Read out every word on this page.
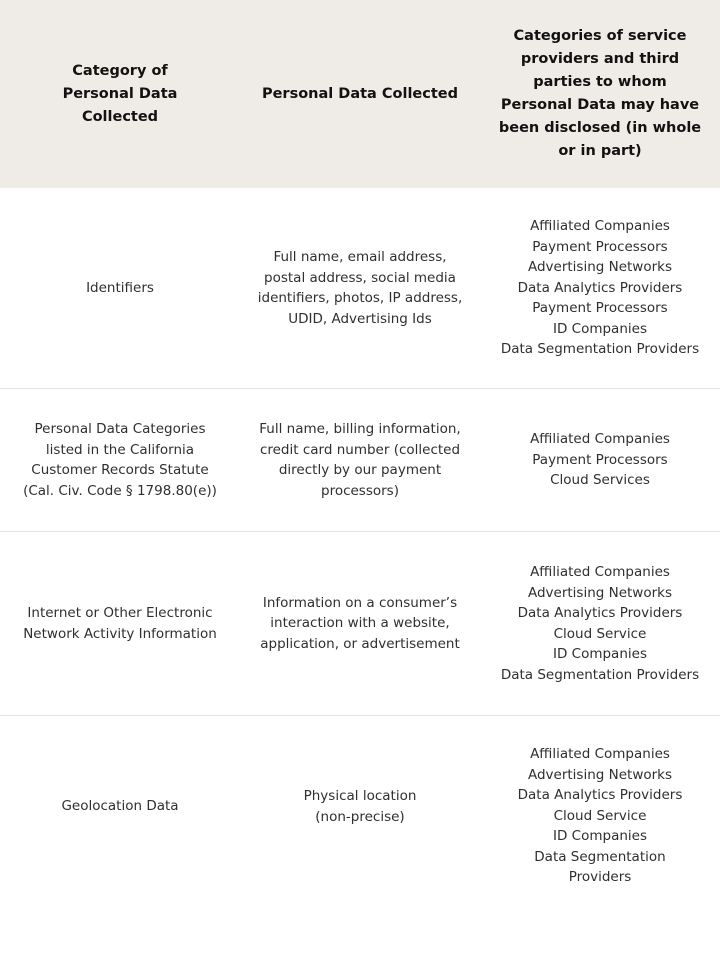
Category of Personal Data Collected
Personal Data Collected
Categories of service providers and third parties to whom Personal Data may have been disclosed (in whole or in part)
Identifiers
Full name, email address, postal address, social media identifiers, photos, IP address, UDID, Advertising Ids
Affiliated Companies
Payment Processors
Advertising Networks
Data Analytics Providers
Payment Processors
ID Companies
Data Segmentation Providers
Personal Data Categories listed in the California Customer Records Statute (Cal. Civ. Code § 1798.80(e))
Full name, billing information, credit card number (collected directly by our payment processors)
Affiliated Companies
Payment Processors
Cloud Services
Internet or Other Electronic Network Activity Information
Information on a consumer’s interaction with a website, application, or advertisement
Affiliated Companies
Advertising Networks
Data Analytics Providers
Cloud Service
ID Companies
Data Segmentation Providers
Geolocation Data
Physical location (non-precise)
Affiliated Companies
Advertising Networks
Data Analytics Providers
Cloud Service
ID Companies
Data Segmentation Providers
